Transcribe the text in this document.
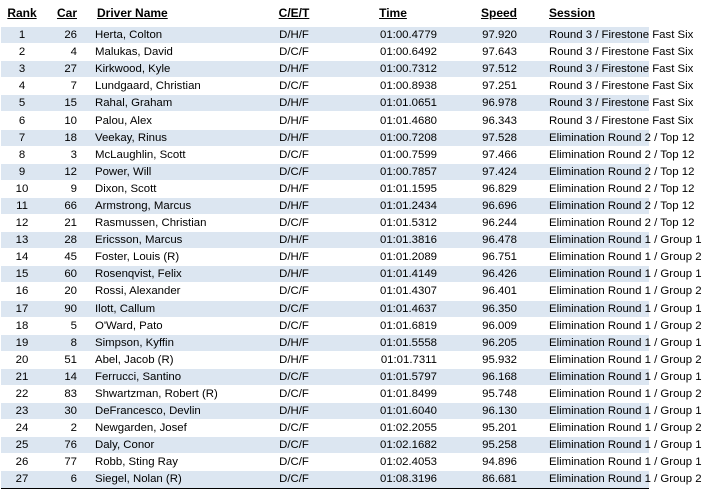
Rank	Car	Driver Name	C/E/T	Time	Speed	Session
1	26	Herta, Colton	D/H/F	01:00.4779	97.920	Round 3 / Firestone Fast Six
2	4	Malukas, David	D/C/F	01:00.6492	97.643	Round 3 / Firestone Fast Six
3	27	Kirkwood, Kyle	D/H/F	01:00.7312	97.512	Round 3 / Firestone Fast Six
4	7	Lundgaard, Christian	D/C/F	01:00.8938	97.251	Round 3 / Firestone Fast Six
5	15	Rahal, Graham	D/H/F	01:01.0651	96.978	Round 3 / Firestone Fast Six
6	10	Palou, Alex	D/H/F	01:01.4680	96.343	Round 3 / Firestone Fast Six
7	18	Veekay, Rinus	D/H/F	01:00.7208	97.528	Elimination Round 2 / Top 12
8	3	McLaughlin, Scott	D/C/F	01:00.7599	97.466	Elimination Round 2 / Top 12
9	12	Power, Will	D/C/F	01:00.7857	97.424	Elimination Round 2 / Top 12
10	9	Dixon, Scott	D/H/F	01:01.1595	96.829	Elimination Round 2 / Top 12
11	66	Armstrong, Marcus	D/H/F	01:01.2434	96.696	Elimination Round 2 / Top 12
12	21	Rasmussen, Christian	D/C/F	01:01.5312	96.244	Elimination Round 2 / Top 12
13	28	Ericsson, Marcus	D/H/F	01:01.3816	96.478	Elimination Round 1 / Group 1
14	45	Foster, Louis (R)	D/H/F	01:01.2089	96.751	Elimination Round 1 / Group 2
15	60	Rosenqvist, Felix	D/H/F	01:01.4149	96.426	Elimination Round 1 / Group 1
16	20	Rossi, Alexander	D/C/F	01:01.4307	96.401	Elimination Round 1 / Group 2
17	90	Ilott, Callum	D/C/F	01:01.4637	96.350	Elimination Round 1 / Group 1
18	5	O'Ward, Pato	D/C/F	01:01.6819	96.009	Elimination Round 1 / Group 2
19	8	Simpson, Kyffin	D/H/F	01:01.5558	96.205	Elimination Round 1 / Group 1
20	51	Abel, Jacob (R)	D/H/F	01:01.7311	95.932	Elimination Round 1 / Group 2
21	14	Ferrucci, Santino	D/C/F	01:01.5797	96.168	Elimination Round 1 / Group 1
22	83	Shwartzman, Robert (R)	D/C/F	01:01.8499	95.748	Elimination Round 1 / Group 2
23	30	DeFrancesco, Devlin	D/H/F	01:01.6040	96.130	Elimination Round 1 / Group 1
24	2	Newgarden, Josef	D/C/F	01:02.2055	95.201	Elimination Round 1 / Group 2
25	76	Daly, Conor	D/C/F	01:02.1682	95.258	Elimination Round 1 / Group 1
26	77	Robb, Sting Ray	D/C/F	01:02.4053	94.896	Elimination Round 1 / Group 1
27	6	Siegel, Nolan (R)	D/C/F	01:08.3196	86.681	Elimination Round 1 / Group 2
